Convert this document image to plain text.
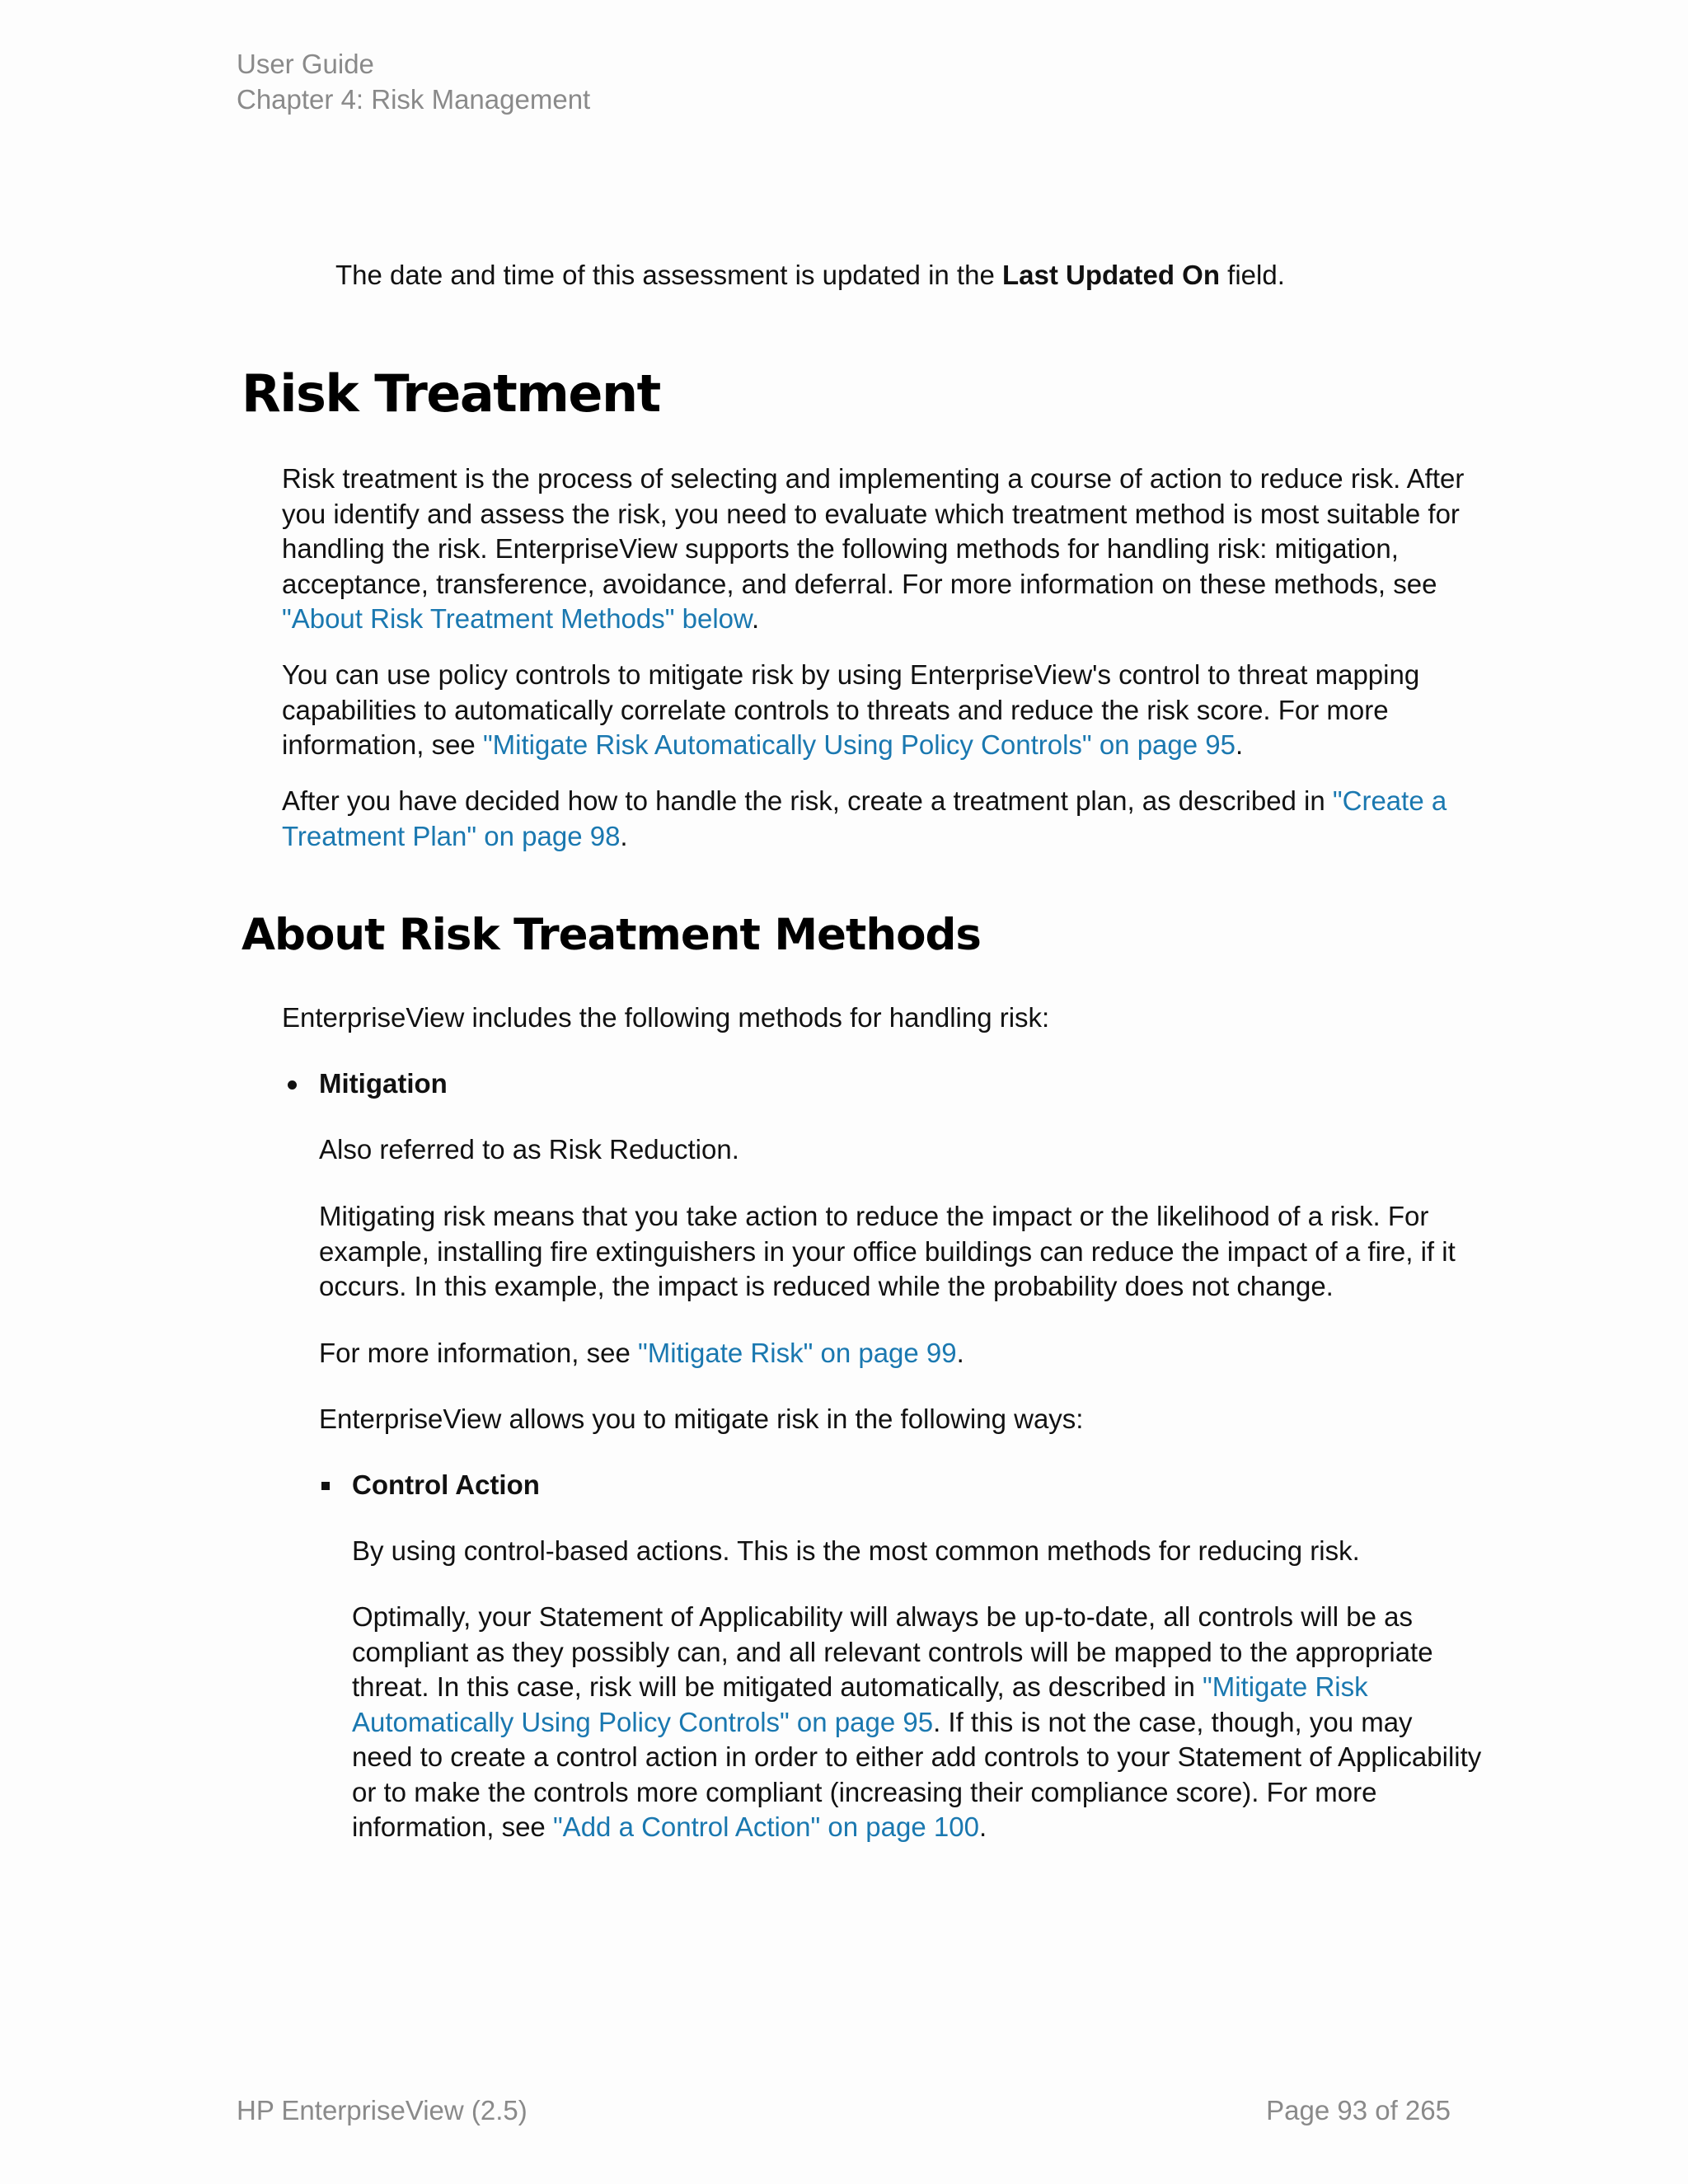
User Guide
Chapter 4: Risk Management

The date and time of this assessment is updated in the Last Updated On field.

Risk Treatment
Risk treatment is the process of selecting and implementing a course of action to reduce risk. After
you identify and assess the risk, you need to evaluate which treatment method is most suitable for
handling the risk. EnterpriseView supports the following methods for handling risk: mitigation,
acceptance, transference, avoidance, and deferral. For more information on these methods, see
"About Risk Treatment Methods" below.
You can use policy controls to mitigate risk by using EnterpriseView's control to threat mapping
capabilities to automatically correlate controls to threats and reduce the risk score. For more
information, see "Mitigate Risk Automatically Using Policy Controls" on page 95.
After you have decided how to handle the risk, create a treatment plan, as described in "Create a
Treatment Plan" on page 98.
About Risk Treatment Methods

EnterpriseView includes the following methods for handling risk:

Mitigation

Also referred to as Risk Reduction.

Mitigating risk means that you take action to reduce the impact or the likelihood of a risk. For
example, installing fire extinguishers in your office buildings can reduce the impact of a fire, if it
occurs. In this example, the impact is reduced while the probability does not change.

For more information, see "Mitigate Risk" on page 99.

EnterpriseView allows you to mitigate risk in the following ways:

Control Action

By using control-based actions. This is the most common methods for reducing risk.

Optimally, your Statement of Applicability will always be up-to-date, all controls will be as
compliant as they possibly can, and all relevant controls will be mapped to the appropriate
threat. In this case, risk will be mitigated automatically, as described in "Mitigate Risk
Automatically Using Policy Controls" on page 95. If this is not the case, though, you may
need to create a control action in order to either add controls to your Statement of Applicability
or to make the controls more compliant (increasing their compliance score). For more
information, see "Add a Control Action" on page 100.
HP EnterpriseView (2.5)	Page 93 of 265
